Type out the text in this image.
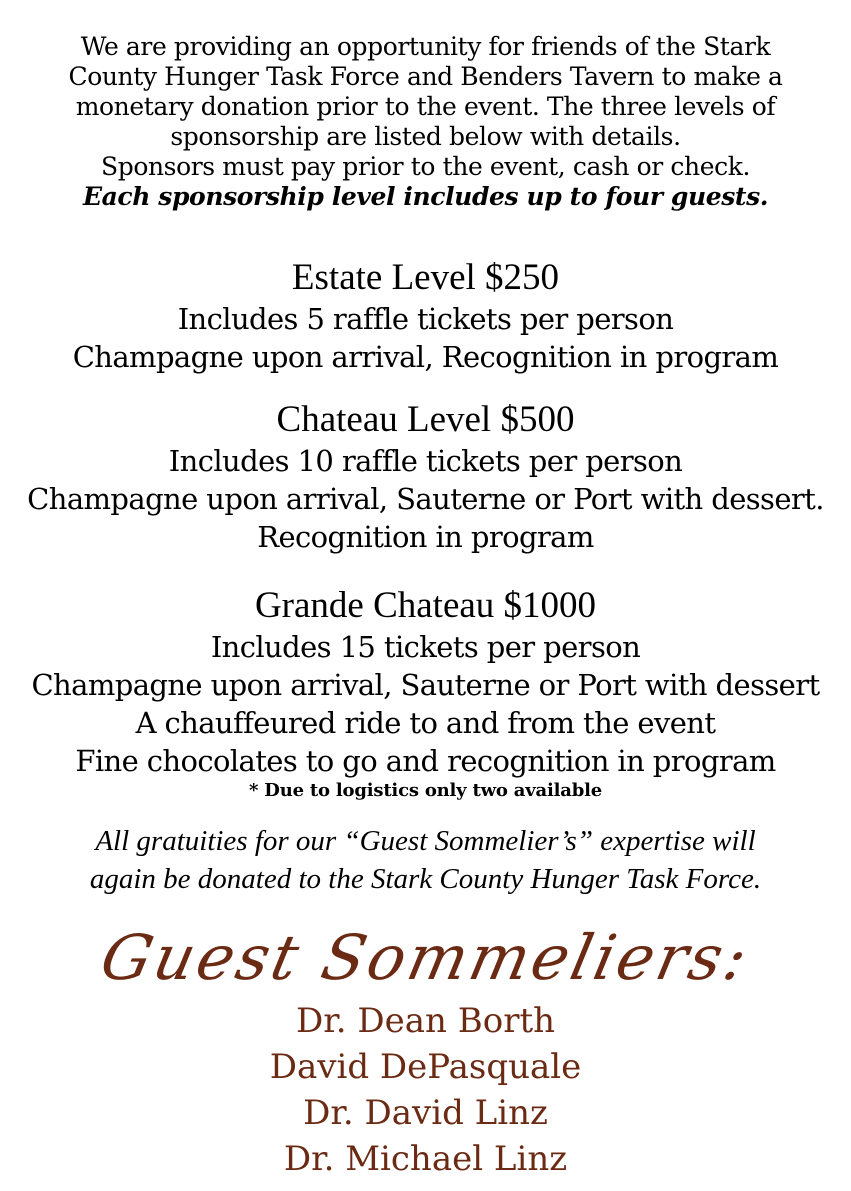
We are providing an opportunity for friends of the Stark
County Hunger Task Force and Benders Tavern to make a
monetary donation prior to the event. The three levels of
sponsorship are listed below with details.
Sponsors must pay prior to the event, cash or check.
Each sponsorship level includes up to four guests.
Estate Level $250
Includes 5 raffle tickets per person
Champagne upon arrival, Recognition in program
Chateau Level $500
Includes 10 raffle tickets per person
Champagne upon arrival, Sauterne or Port with dessert.
Recognition in program
Grande Chateau $1000
Includes 15 tickets per person
Champagne upon arrival, Sauterne or Port with dessert
A chauffeured ride to and from the event
Fine chocolates to go and recognition in program
* Due to logistics only two available
All gratuities for our “Guest Sommelier’s” expertise will
again be donated to the Stark County Hunger Task Force.
Guest Sommeliers:
Dr. Dean Borth
David DePasquale
Dr. David Linz
Dr. Michael Linz
